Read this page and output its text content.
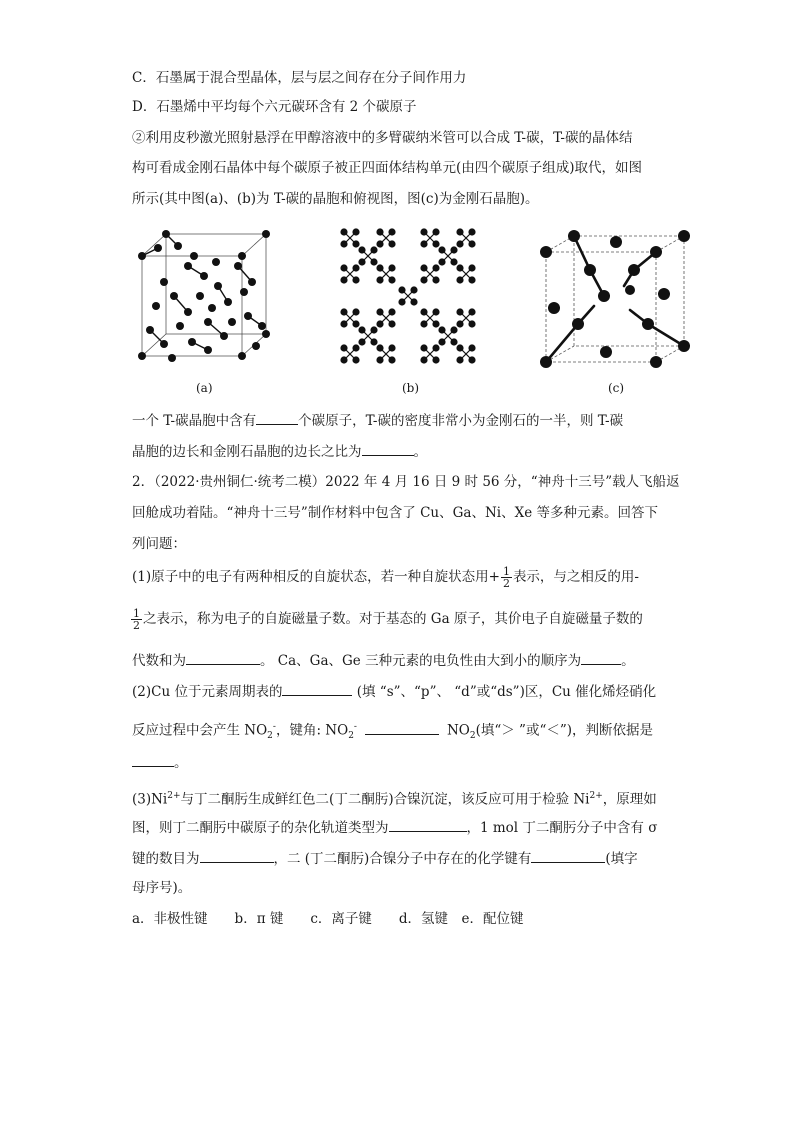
C．石墨属于混合型晶体，层与层之间存在分子间作用力
D．石墨烯中平均每个六元碳环含有 2 个碳原子
②利用皮秒激光照射悬浮在甲醇溶液中的多臂碳纳米管可以合成 T-碳，T-碳的晶体结
构可看成金刚石晶体中每个碳原子被正四面体结构单元(由四个碳原子组成)取代，如图
所示(其中图(a)、(b)为 T-碳的晶胞和俯视图，图(c)为金刚石晶胞)。
(a)	(b)	(c)
一个 T-碳晶胞中含有	个碳原子，T-碳的密度非常小为金刚石的一半，则 T-碳
晶胞的边长和金刚石晶胞的边长之比为	。
2．（2022·贵州铜仁·统考二模）2022 年 4 月 16 日 9 时 56 分，“神舟十三号”载人飞船返
回舱成功着陆。“神舟十三号”制作材料中包含了 Cu、Ga、Ni、Xe 等多种元素。回答下
列问题：
(1)原子中的电子有两种相反的自旋状态，若一种自旋状态用+ $\frac{1}{2}$ 表示，与之相反的用-
$\frac{1}{2}$ 之表示，称为电子的自旋磁量子数。对于基态的 Ga 原子，其价电子自旋磁量子数的
代数和为	。 Ca、Ga、Ge 三种元素的电负性由大到小的顺序为	。
(2)Cu 位于元素周期表的	(填 “s”、“p”、 “d”或“ds”)区，Cu 催化烯烃硝化
反应过程中会产生 $NO_2^-$，键角: $NO_2^-$	$NO_2$(填“＞ ”或“＜”)，判断依据是
。
$(3)Ni^{2+}$与丁二酮肟生成鲜红色二(丁二酮肟)合镍沉淀，该反应可用于检验 $Ni^{2+}$，原理如
图，则丁二酮肟中碳原子的杂化轨道类型为	，1 mol 丁二酮肟分子中含有 σ
键的数目为	，二 (丁二酮肟)合镍分子中存在的化学键有	(填字
母序号)。
a．非极性键　　b．π 键　　c．离子键　　d．氢键　e．配位键
